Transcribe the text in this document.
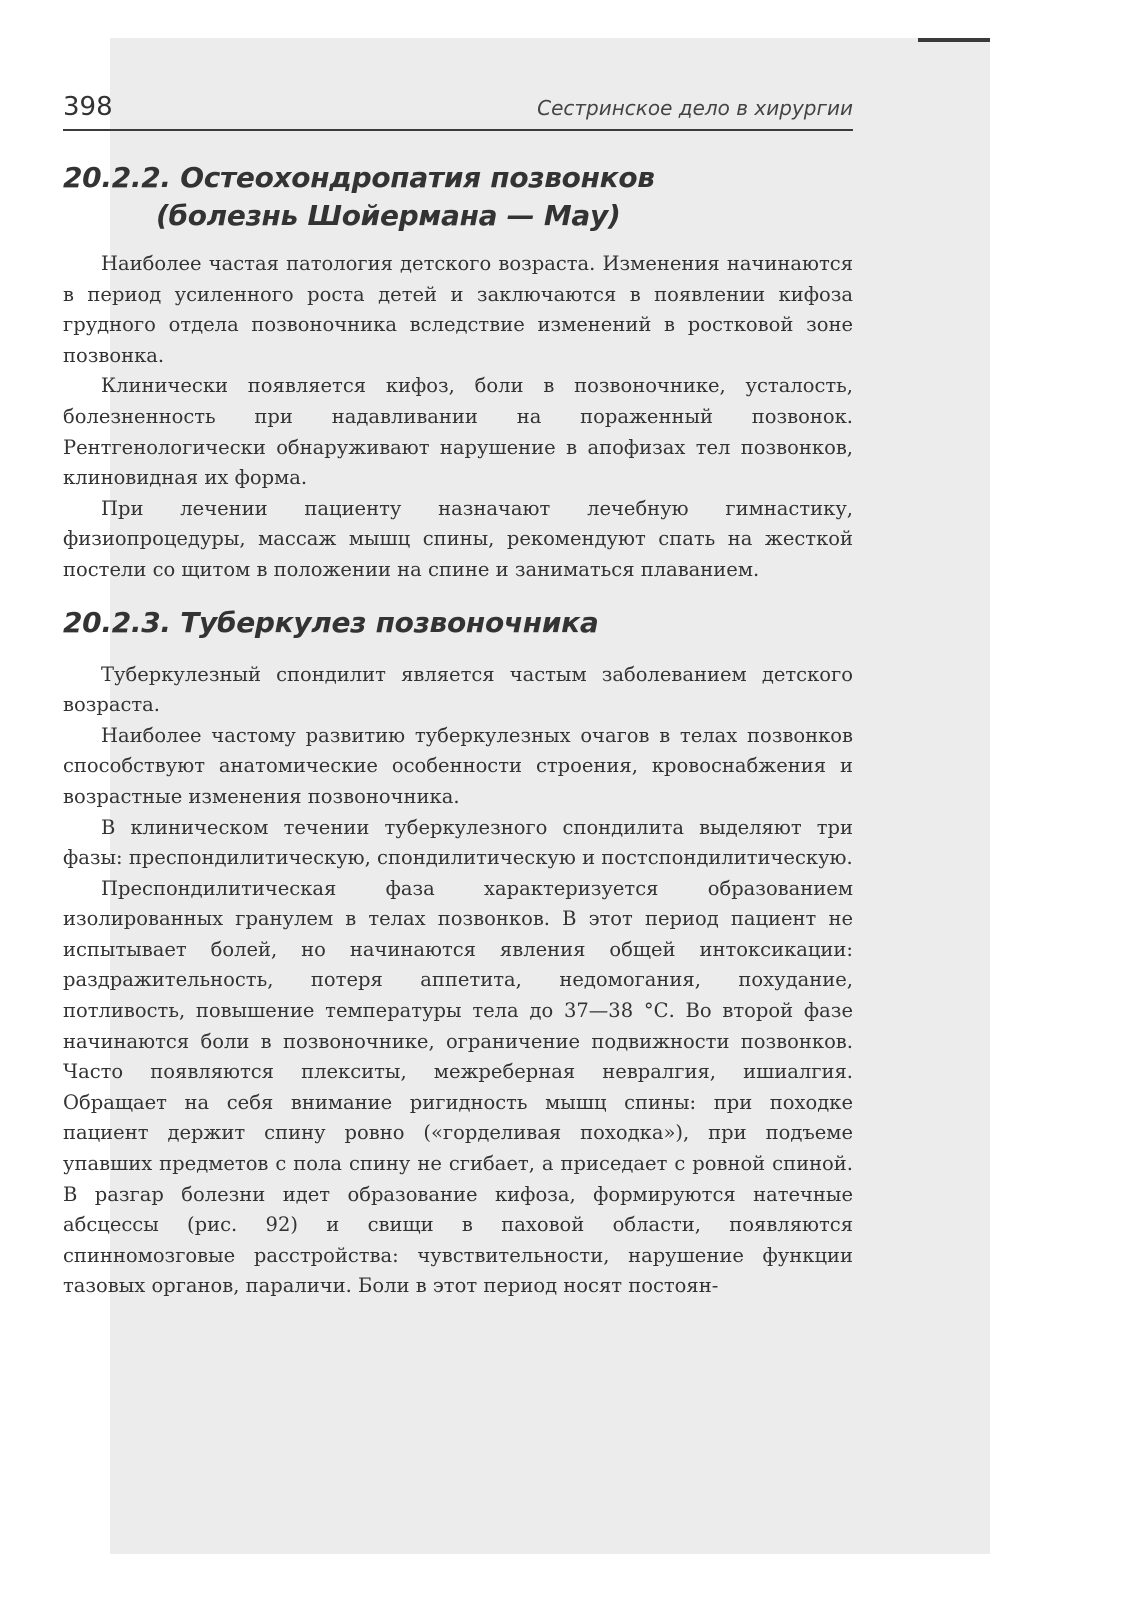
398	Сестринское дело в хирургии
20.2.2. Остеохондропатия позвонков
(болезнь Шойермана — Мау)

Наиболее частая патология детского возраста. Изменения начинаются в период усиленного роста детей и заключаются в появлении кифоза грудного отдела позвоночника вследствие изменений в ростковой зоне позвонка.

Клинически появляется кифоз, боли в позвоночнике, усталость, болезненность при надавливании на пораженный позвонок. Рентгенологически обнаруживают нарушение в апофизах тел позвонков, клиновидная их форма.

При лечении пациенту назначают лечебную гимнастику, физиопроцедуры, массаж мышц спины, рекомендуют спать на жесткой постели со щитом в положении на спине и заниматься плаванием.

20.2.3. Туберкулез позвоночника

Туберкулезный спондилит является частым заболеванием детского возраста.

Наиболее частому развитию туберкулезных очагов в телах позвонков способствуют анатомические особенности строения, кровоснабжения и возрастные изменения позвоночника.

В клиническом течении туберкулезного спондилита выделяют три фазы: преспондилитическую, спондилитическую и постспондилитическую.

Преспондилитическая фаза характеризуется образованием изолированных гранулем в телах позвонков. В этот период пациент не испытывает болей, но начинаются явления общей интоксикации: раздражительность, потеря аппетита, недомогания, похудание, потливость, повышение температуры тела до 37—38 °С. Во второй фазе начинаются боли в позвоночнике, ограничение подвижности позвонков. Часто появляются плекситы, межреберная невралгия, ишиалгия. Обращает на себя внимание ригидность мышц спины: при походке пациент держит спину ровно («горделивая походка»), при подъеме упавших предметов с пола спину не сгибает, а приседает с ровной спиной. В разгар болезни идет образование кифоза, формируются натечные абсцессы (рис. 92) и свищи в паховой области, появляются спинномозговые расстройства: чувствительности, нарушение функции тазовых органов, параличи. Боли в этот период носят постоян-
